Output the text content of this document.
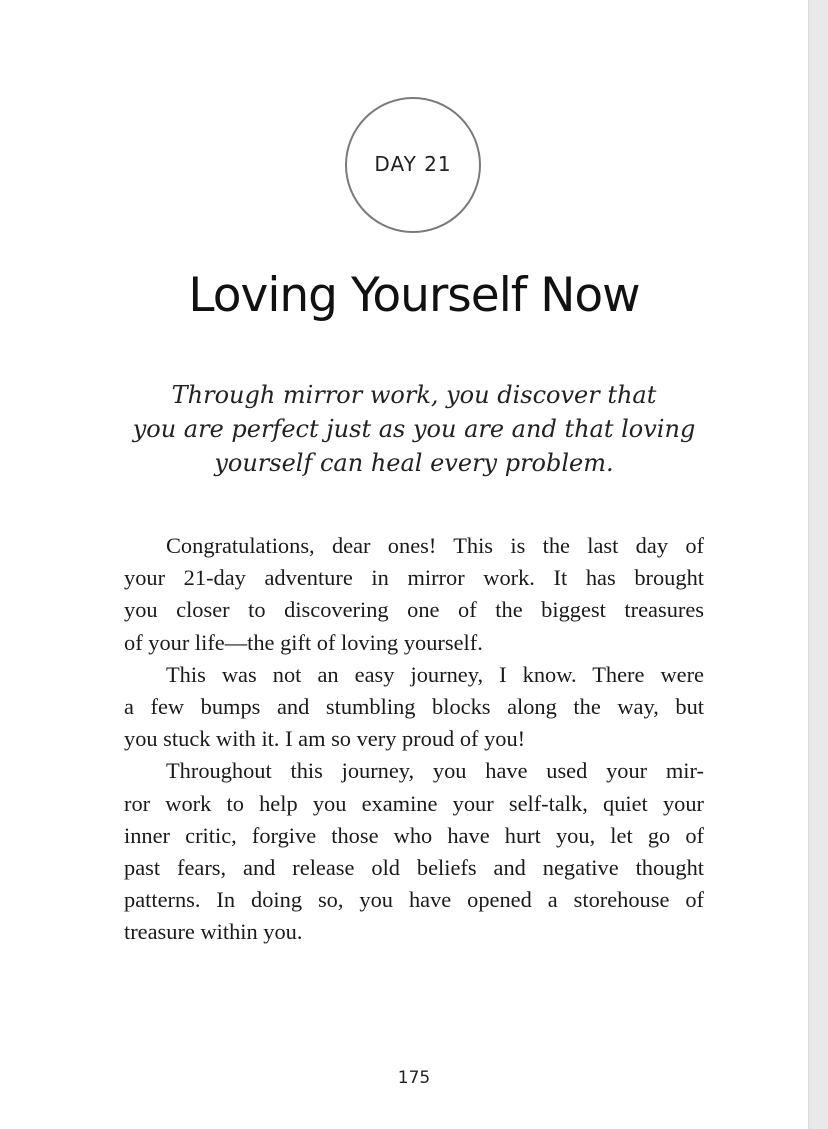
DAY 21
Loving Yourself Now
Through mirror work, you discover that
you are perfect just as you are and that loving
yourself can heal every problem.

Congratulations, dear ones! This is the last day of
your 21-day adventure in mirror work. It has brought
you closer to discovering one of the biggest treasures
of your life—the gift of loving yourself.

This was not an easy journey, I know. There were
a few bumps and stumbling blocks along the way, but
you stuck with it. I am so very proud of you!

Throughout this journey, you have used your mir-
ror work to help you examine your self-talk, quiet your
inner critic, forgive those who have hurt you, let go of
past fears, and release old beliefs and negative thought
patterns. In doing so, you have opened a storehouse of
treasure within you.

175
